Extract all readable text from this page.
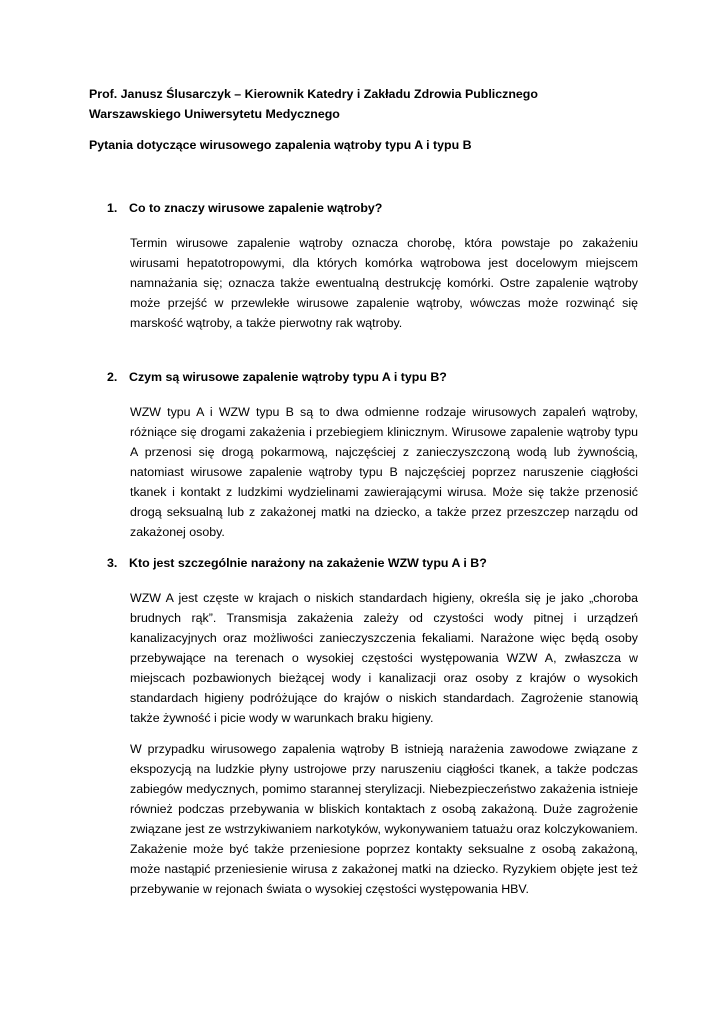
Prof. Janusz Ślusarczyk – Kierownik Katedry i Zakładu Zdrowia Publicznego Warszawskiego Uniwersytetu Medycznego

Pytania dotyczące wirusowego zapalenia wątroby typu A i typu B

1. Co to znaczy wirusowe zapalenie wątroby?

Termin wirusowe zapalenie wątroby oznacza chorobę, która powstaje po zakażeniu wirusami hepatotropowymi, dla których komórka wątrobowa jest docelowym miejscem namnażania się; oznacza także ewentualną destrukcję komórki. Ostre zapalenie wątroby może przejść w przewlekłe wirusowe zapalenie wątroby, wówczas może rozwinąć się marskość wątroby, a także pierwotny rak wątroby.

2. Czym są wirusowe zapalenie wątroby typu A i typu B?

WZW typu A i WZW typu B są to dwa odmienne rodzaje wirusowych zapaleń wątroby, różniące się drogami zakażenia i przebiegiem klinicznym. Wirusowe zapalenie wątroby typu A przenosi się drogą pokarmową, najczęściej z zanieczyszczoną wodą lub żywnością, natomiast wirusowe zapalenie wątroby typu B najczęściej poprzez naruszenie ciągłości tkanek i kontakt z ludzkimi wydzielinami zawierającymi wirusa. Może się także przenosić drogą seksualną lub z zakażonej matki na dziecko, a także przez przeszczep narządu od zakażonej osoby.

3. Kto jest szczególnie narażony na zakażenie WZW typu A i B?

WZW A jest częste w krajach o niskich standardach higieny, określa się je jako „choroba brudnych rąk”. Transmisja zakażenia zależy od czystości wody pitnej i urządzeń kanalizacyjnych oraz możliwości zanieczyszczenia fekaliami. Narażone więc będą osoby przebywające na terenach o wysokiej częstości występowania WZW A, zwłaszcza w miejscach pozbawionych bieżącej wody i kanalizacji oraz osoby z krajów o wysokich standardach higieny podróżujące do krajów o niskich standardach. Zagrożenie stanowią także żywność i picie wody w warunkach braku higieny.

W przypadku wirusowego zapalenia wątroby B istnieją narażenia zawodowe związane z ekspozycją na ludzkie płyny ustrojowe przy naruszeniu ciągłości tkanek, a także podczas zabiegów medycznych, pomimo starannej sterylizacji. Niebezpieczeństwo zakażenia istnieje również podczas przebywania w bliskich kontaktach z osobą zakażoną. Duże zagrożenie związane jest ze wstrzykiwaniem narkotyków, wykonywaniem tatuażu oraz kolczykowaniem. Zakażenie może być także przeniesione poprzez kontakty seksualne z osobą zakażoną, może nastąpić przeniesienie wirusa z zakażonej matki na dziecko. Ryzykiem objęte jest też przebywanie w rejonach świata o wysokiej częstości występowania HBV.
